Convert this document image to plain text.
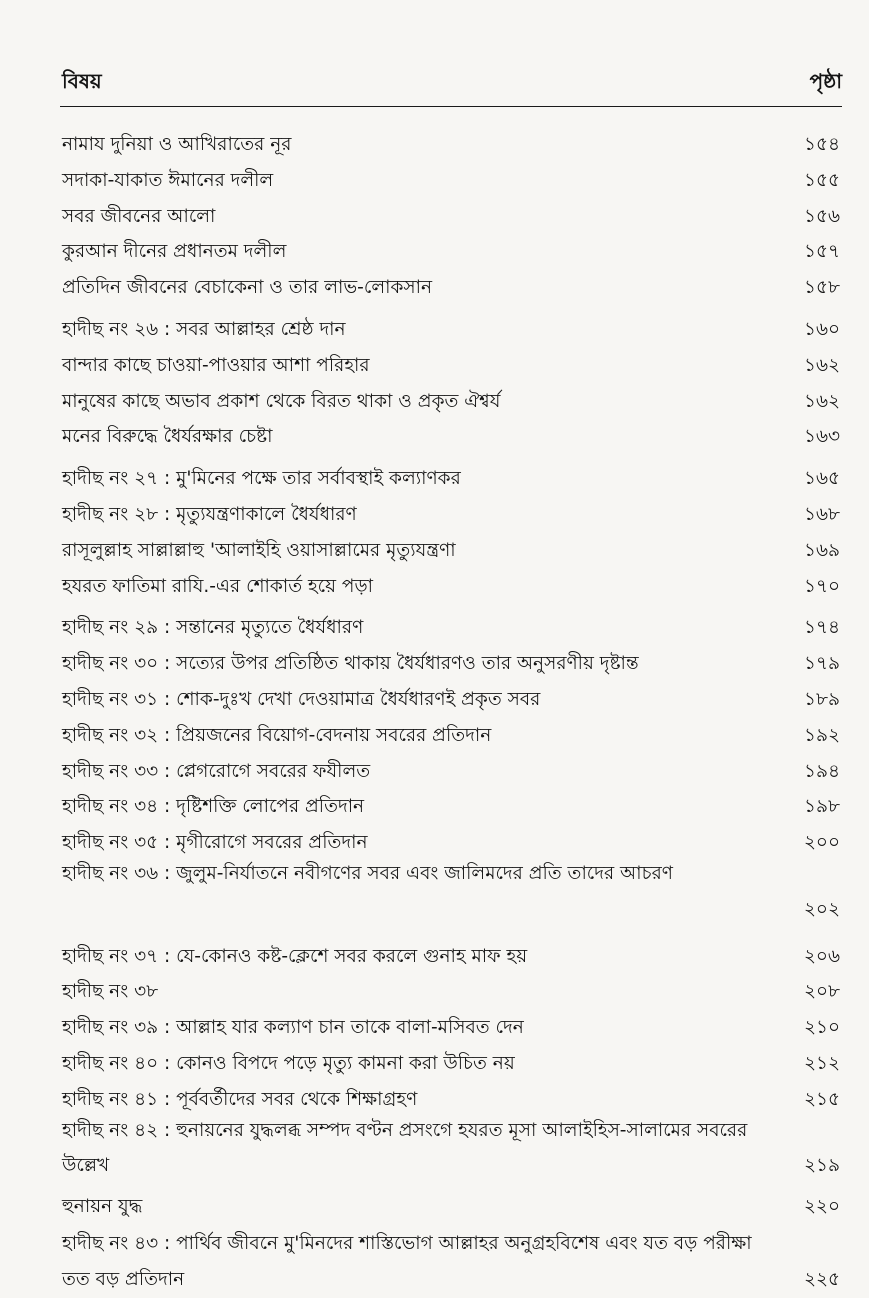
বিষয়	পৃষ্ঠা
নামায দুনিয়া ও আখিরাতের নূর	১৫৪
সদাকা-যাকাত ঈমানের দলীল	১৫৫
সবর জীবনের আলো	১৫৬
কুরআন দীনের প্রধানতম দলীল	১৫৭
প্রতিদিন জীবনের বেচাকেনা ও তার লাভ-লোকসান	১৫৮
হাদীছ নং ২৬ : সবর আল্লাহর শ্রেষ্ঠ দান	১৬০
বান্দার কাছে চাওয়া-পাওয়ার আশা পরিহার	১৬২
মানুষের কাছে অভাব প্রকাশ থেকে বিরত থাকা ও প্রকৃত ঐশ্বর্য	১৬২
মনের বিরুদ্ধে ধৈর্যরক্ষার চেষ্টা	১৬৩
হাদীছ নং ২৭ : মু'মিনের পক্ষে তার সর্বাবস্থাই কল্যাণকর	১৬৫
হাদীছ নং ২৮ : মৃত্যুযন্ত্রণাকালে ধৈর্যধারণ	১৬৮
রাসূলুল্লাহ সাল্লাল্লাহু 'আলাইহি ওয়াসাল্লামের মৃত্যুযন্ত্রণা	১৬৯
হযরত ফাতিমা রাযি.-এর শোকার্ত হয়ে পড়া	১৭০
হাদীছ নং ২৯ : সন্তানের মৃত্যুতে ধৈর্যধারণ	১৭৪
হাদীছ নং ৩০ : সত্যের উপর প্রতিষ্ঠিত থাকায় ধৈর্যধারণও তার অনুসরণীয় দৃষ্টান্ত	১৭৯
হাদীছ নং ৩১ : শোক-দুঃখ দেখা দেওয়ামাত্র ধৈর্যধারণই প্রকৃত সবর	১৮৯
হাদীছ নং ৩২ : প্রিয়জনের বিয়োগ-বেদনায় সবরের প্রতিদান	১৯২
হাদীছ নং ৩৩ : প্লেগরোগে সবরের ফযীলত	১৯৪
হাদীছ নং ৩৪ : দৃষ্টিশক্তি লোপের প্রতিদান	১৯৮
হাদীছ নং ৩৫ : মৃগীরোগে সবরের প্রতিদান	২০০
হাদীছ নং ৩৬ : জুলুম-নির্যাতনে নবীগণের সবর এবং জালিমদের প্রতি তাদের আচরণ
২০২
হাদীছ নং ৩৭ : যে-কোনও কষ্ট-ক্লেশে সবর করলে গুনাহ মাফ হয়	২০৬
হাদীছ নং ৩৮	২০৮
হাদীছ নং ৩৯ : আল্লাহ যার কল্যাণ চান তাকে বালা-মসিবত দেন	২১০
হাদীছ নং ৪০ : কোনও বিপদে পড়ে মৃত্যু কামনা করা উচিত নয়	২১২
হাদীছ নং ৪১ : পূর্ববর্তীদের সবর থেকে শিক্ষাগ্রহণ	২১৫
হাদীছ নং ৪২ : হুনায়নের যুদ্ধলব্ধ সম্পদ বণ্টন প্রসংগে হযরত মূসা আলাইহিস-সালামের সবরের উল্লেখ	২১৯
হুনায়ন যুদ্ধ	২২০
হাদীছ নং ৪৩ : পার্থিব জীবনে মু'মিনদের শাস্তিভোগ আল্লাহর অনুগ্রহবিশেষ এবং যত বড় পরীক্ষা তত বড় প্রতিদান	২২৫
